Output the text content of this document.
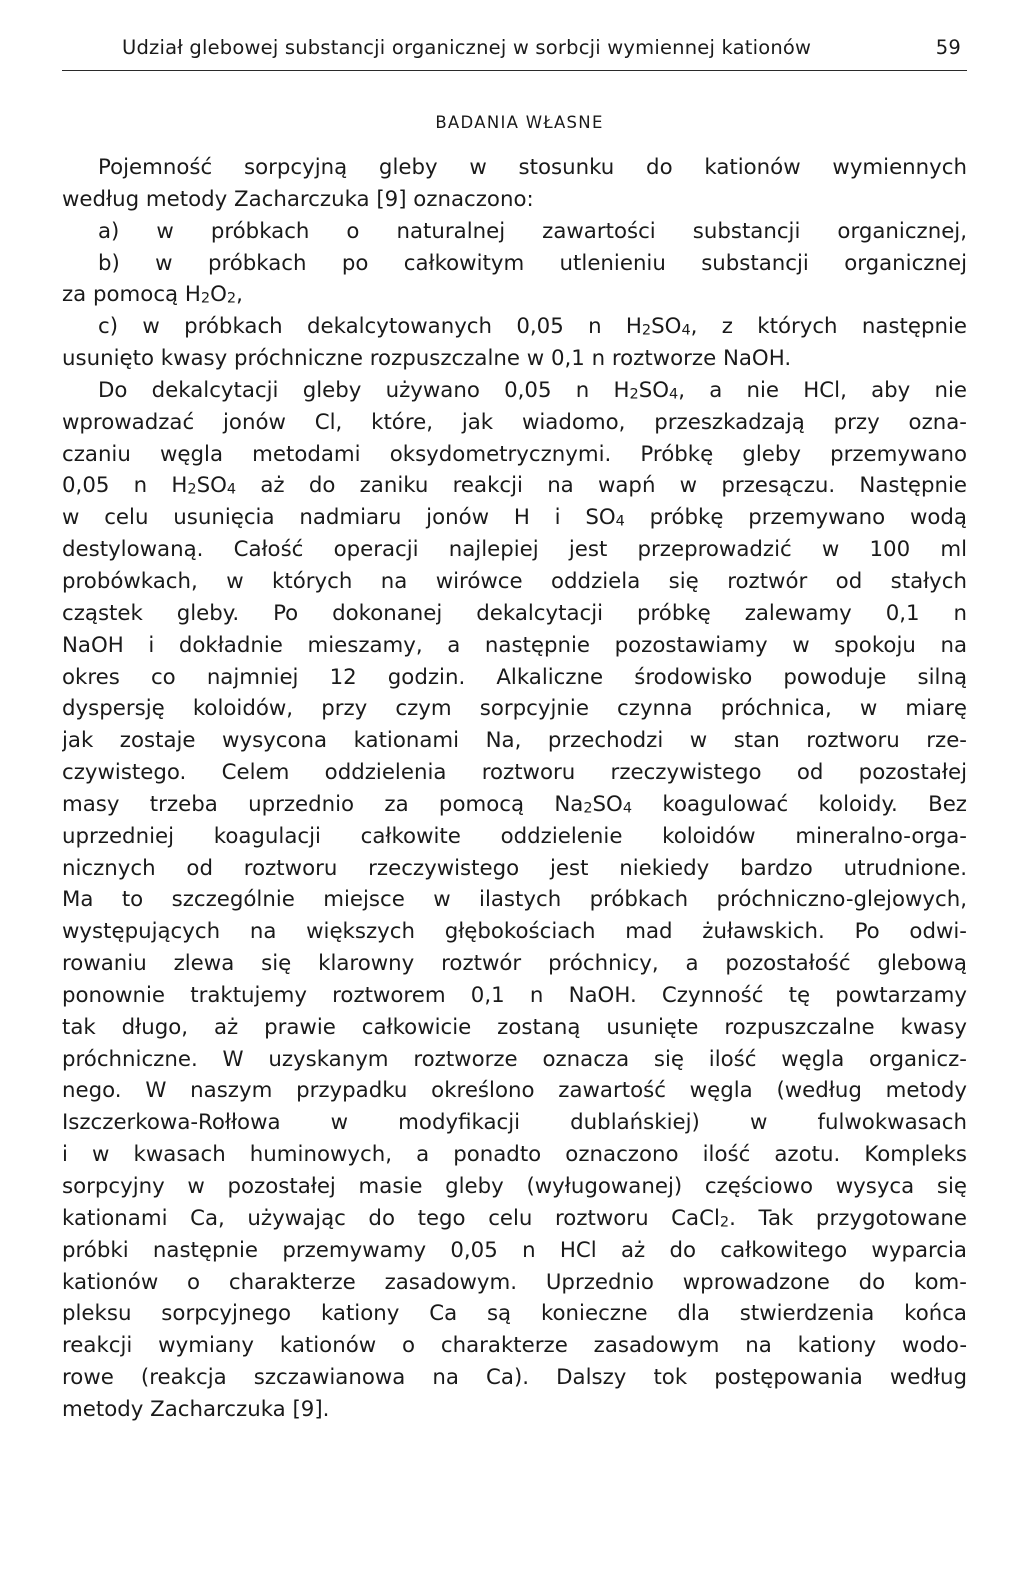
Udział glebowej substancji organicznej w sorbcji wymiennej kationów	59
BADANIA WŁASNE
Pojemność sorpcyjną gleby w stosunku do kationów wymiennych
według metody Zacharczuka [9] oznaczono:
a) w próbkach o naturalnej zawartości substancji organicznej,
b) w próbkach po całkowitym utlenieniu substancji organicznej
za pomocą $H_2O_2$,
c) w próbkach dekalcytowanych 0,05 n $H_2SO_4$, z których następnie
usunięto kwasy próchniczne rozpuszczalne w 0,1 n roztworze NaOH.
Do dekalcytacji gleby używano 0,05 n $H_2SO_4$, a nie HCl, aby nie
wprowadzać jonów Cl, które, jak wiadomo, przeszkadzają przy ozna-
czaniu węgla metodami oksydometrycznymi. Próbkę gleby przemywano
0,05 n $H_2SO_4$ aż do zaniku reakcji na wapń w przesączu. Następnie
w celu usunięcia nadmiaru jonów H i $SO_4$ próbkę przemywano wodą
destylowaną. Całość operacji najlepiej jest przeprowadzić w 100 ml
probówkach, w których na wirówce oddziela się roztwór od stałych
cząstek gleby. Po dokonanej dekalcytacji próbkę zalewamy 0,1 n
NaOH i dokładnie mieszamy, a następnie pozostawiamy w spokoju na
okres co najmniej 12 godzin. Alkaliczne środowisko powoduje silną
dyspersję koloidów, przy czym sorpcyjnie czynna próchnica, w miarę
jak zostaje wysycona kationami Na, przechodzi w stan roztworu rze-
czywistego. Celem oddzielenia roztworu rzeczywistego od pozostałej
masy trzeba uprzednio za pomocą $Na_2SO_4$ koagulować koloidy. Bez
uprzedniej koagulacji całkowite oddzielenie koloidów mineralno-orga-
nicznych od roztworu rzeczywistego jest niekiedy bardzo utrudnione.
Ma to szczególnie miejsce w ilastych próbkach próchniczno-glejowych,
występujących na większych głębokościach mad żuławskich. Po odwi-
rowaniu zlewa się klarowny roztwór próchnicy, a pozostałość glebową
ponownie traktujemy roztworem 0,1 n NaOH. Czynność tę powtarzamy
tak długo, aż prawie całkowicie zostaną usunięte rozpuszczalne kwasy
próchniczne. W uzyskanym roztworze oznacza się ilość węgla organicz-
nego. W naszym przypadku określono zawartość węgla (według metody
Iszczerkowa-Rołłowa w modyfikacji dublańskiej) w fulwokwasach
i w kwasach huminowych, a ponadto oznaczono ilość azotu. Kompleks
sorpcyjny w pozostałej masie gleby (wyługowanej) częściowo wysyca się
kationami Ca, używając do tego celu roztworu CaCl$_2$. Tak przygotowane
próbki następnie przemywamy 0,05 n HCl aż do całkowitego wyparcia
kationów o charakterze zasadowym. Uprzednio wprowadzone do kom-
pleksu sorpcyjnego kationy Ca są konieczne dla stwierdzenia końca
reakcji wymiany kationów o charakterze zasadowym na kationy wodo-
rowe (reakcja szczawianowa na Ca). Dalszy tok postępowania według
metody Zacharczuka [9].
